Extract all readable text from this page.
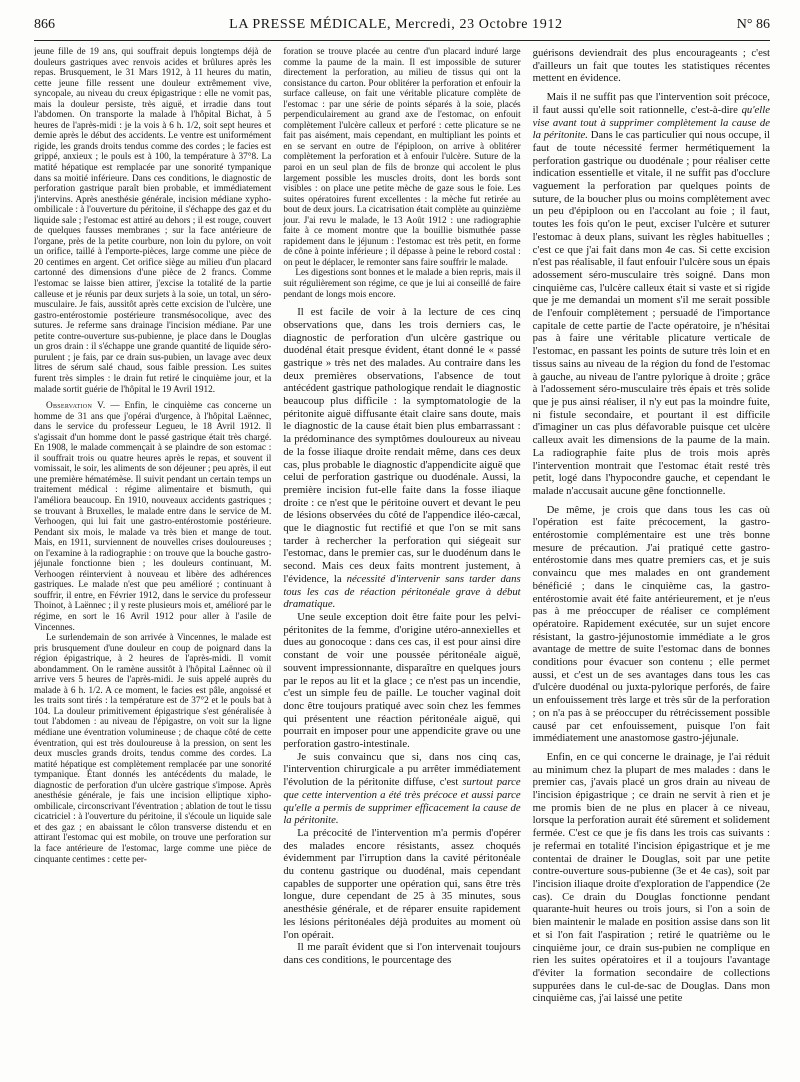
866	LA PRESSE MÉDICALE, Mercredi, 23 Octobre 1912	N° 86

jeune fille de 19 ans, qui souffrait depuis longtemps déjà de douleurs gastriques avec renvois acides et brûlures après les repas. Brusquement, le 31 Mars 1912, à 11 heures du matin, cette jeune fille ressent une douleur extrêmement vive, syncopale, au niveau du creux épigastrique : elle ne vomit pas, mais la douleur persiste, très aiguë, et irradie dans tout l'abdomen. On transporte la malade à l'hôpital Bichat, à 5 heures de l'après-midi : je la vois à 6 h. 1/2, soit sept heures et demie après le début des accidents. Le ventre est uniformément rigide, les grands droits tendus comme des cordes ; le facies est grippé, anxieux ; le pouls est à 100, la température à 37°8. La matité hépatique est remplacée par une sonorité tympanique dans sa moitié inférieure. Dans ces conditions, le diagnostic de perforation gastrique paraît bien probable, et immédiatement j'intervins. Après anesthésie générale, incision médiane xypho-ombilicale : à l'ouverture du péritoine, il s'échappe des gaz et du liquide sale ; l'estomac est attiré au dehors ; il est rouge, couvert de quelques fausses membranes ; sur la face antérieure de l'organe, près de la petite courbure, non loin du pylore, on voit un orifice, taillé à l'emporte-pièces, large comme une pièce de 20 centimes en argent. Cet orifice siège au milieu d'un placard cartonné des dimensions d'une pièce de 2 francs. Comme l'estomac se laisse bien attirer, j'excise la totalité de la partie calleuse et je réunis par deux surjets à la soie, un total, un séro-musculaire. Je fais, aussitôt après cette excision de l'ulcère, une gastro-entérostomie postérieure transmésocolique, avec des sutures. Je referme sans drainage l'incision médiane. Par une petite contre-ouverture sus-pubienne, je place dans le Douglas un gros drain : il s'échappe une grande quantité de liquide séro-purulent ; je fais, par ce drain sus-pubien, un lavage avec deux litres de sérum salé chaud, sous faible pression. Les suites furent très simples : le drain fut retiré le cinquième jour, et la malade sortit guérie de l'hôpital le 19 Avril 1912.

Observation V. — Enfin, le cinquième cas concerne un homme de 31 ans que j'opérai d'urgence, à l'hôpital Laënnec, dans le service du professeur Legueu, le 18 Avril 1912. Il s'agissait d'un homme dont le passé gastrique était très chargé. En 1908, le malade commençait à se plaindre de son estomac : il souffrait trois ou quatre heures après le repas, et souvent il vomissait, le soir, les aliments de son déjeuner ; peu après, il eut une première hématémèse. Il suivit pendant un certain temps un traitement médical : régime alimentaire et bismuth, qui l'améliora beaucoup. En 1910, nouveaux accidents gastriques ; se trouvant à Bruxelles, le malade entre dans le service de M. Verhoogen, qui lui fait une gastro-entérostomie postérieure. Pendant six mois, le malade va très bien et mange de tout. Mais, en 1911, surviennent de nouvelles crises douloureuses ; on l'examine à la radiographie : on trouve que la bouche gastro-jéjunale fonctionne bien ; les douleurs continuant, M. Verhoogen réintervient à nouveau et libère des adhérences gastriques. Le malade n'est que peu amélioré ; continuant à souffrir, il entre, en Février 1912, dans le service du professeur Thoinot, à Laënnec ; il y reste plusieurs mois et, amélioré par le régime, en sort le 16 Avril 1912 pour aller à l'asile de Vincennes.

Le surlendemain de son arrivée à Vincennes, le malade est pris brusquement d'une douleur en coup de poignard dans la région épigastrique, à 2 heures de l'après-midi. Il vomit abondamment. On le ramène aussitôt à l'hôpital Laënnec où il arrive vers 5 heures de l'après-midi. Je suis appelé auprès du malade à 6 h. 1/2. A ce moment, le facies est pâle, angoissé et les traits sont tirés : la température est de 37°2 et le pouls bat à 104. La douleur primitivement épigastrique s'est généralisée à tout l'abdomen : au niveau de l'épigastre, on voit sur la ligne médiane une éventration volumineuse ; de chaque côté de cette éventration, qui est très douloureuse à la pression, on sent les deux muscles grands droits, tendus comme des cordes. La matité hépatique est complètement remplacée par une sonorité tympanique. Étant donnés les antécédents du malade, le diagnostic de perforation d'un ulcère gastrique s'impose. Après anesthésie générale, je fais une incision elliptique xipho-ombilicale, circonscrivant l'éventration ; ablation de tout le tissu cicatriciel : à l'ouverture du péritoine, il s'écoule un liquide sale et des gaz ; en abaissant le côlon transverse distendu et en attirant l'estomac qui est mobile, on trouve une perforation sur la face antérieure de l'estomac, large comme une pièce de cinquante centimes : cette per-

foration se trouve placée au centre d'un placard induré large comme la paume de la main. Il est impossible de suturer directement la perforation, au milieu de tissus qui ont la consistance du carton. Pour oblitérer la perforation et enfouir la surface calleuse, on fait une véritable plicature complète de l'estomac : par une série de points séparés à la soie, placés perpendiculairement au grand axe de l'estomac, on enfouit complètement l'ulcère calleux et perforé : cette plicature se ne fait pas aisément, mais cependant, en multipliant les points et en se servant en outre de l'épiploon, on arrive à oblitérer complètement la perforation et à enfouir l'ulcère. Suture de la paroi en un seul plan de fils de bronze qui accolent le plus largement possible les muscles droits, dont les bords sont visibles : on place une petite mèche de gaze sous le foie. Les suites opératoires furent excellentes : la mèche fut retirée au bout de deux jours. La cicatrisation était complète au quinzième jour. J'ai revu le malade, le 13 Août 1912 : une radiographie faite à ce moment montre que la bouillie bismuthée passe rapidement dans le jéjunum : l'estomac est très petit, en forme de cône à pointe inférieure ; il dépasse à peine le rebord costal : on peut le déplacer, le remonter sans faire souffrir le malade.

Les digestions sont bonnes et le malade a bien repris, mais il suit régulièrement son régime, ce que je lui ai conseillé de faire pendant de longs mois encore.

Il est facile de voir à la lecture de ces cinq observations que, dans les trois derniers cas, le diagnostic de perforation d'un ulcère gastrique ou duodénal était presque évident, étant donné le « passé gastrique » très net des malades. Au contraire dans les deux premières observations, l'absence de tout antécédent gastrique pathologique rendait le diagnostic beaucoup plus difficile : la symptomatologie de la péritonite aiguë diffusante était claire sans doute, mais le diagnostic de la cause était bien plus embarrassant : la prédominance des symptômes douloureux au niveau de la fosse iliaque droite rendait même, dans ces deux cas, plus probable le diagnostic d'appendicite aiguë que celui de perforation gastrique ou duodénale. Aussi, la première incision fut-elle faite dans la fosse iliaque droite : ce n'est que le péritoine ouvert et devant le peu de lésions observées du côté de l'appendice iléo-cæcal, que le diagnostic fut rectifié et que l'on se mit sans tarder à rechercher la perforation qui siégeait sur l'estomac, dans le premier cas, sur le duodénum dans le second. Mais ces deux faits montrent justement, à l'évidence, la nécessité d'intervenir sans tarder dans tous les cas de réaction péritonéale grave à début dramatique.

Une seule exception doit être faite pour les pelvi-péritonites de la femme, d'origine utéro-annexielles et dues au gonocoque : dans ces cas, il est pour ainsi dire constant de voir une poussée péritonéale aiguë, souvent impressionnante, disparaître en quelques jours par le repos au lit et la glace ; ce n'est pas un incendie, c'est un simple feu de paille. Le toucher vaginal doit donc être toujours pratiqué avec soin chez les femmes qui présentent une réaction péritonéale aiguë, qui pourrait en imposer pour une appendicite grave ou une perforation gastro-intestinale.

Je suis convaincu que si, dans nos cinq cas, l'intervention chirurgicale a pu arrêter immédiatement l'évolution de la péritonite diffuse, c'est surtout parce que cette intervention a été très précoce et aussi parce qu'elle a permis de supprimer efficacement la cause de la péritonite.

La précocité de l'intervention m'a permis d'opérer des malades encore résistants, assez choqués évidemment par l'irruption dans la cavité péritonéale du contenu gastrique ou duodénal, mais cependant capables de supporter une opération qui, sans être très longue, dure cependant de 25 à 35 minutes, sous anesthésie générale, et de réparer ensuite rapidement les lésions péritonéales déjà produites au moment où l'on opérait.

Il me paraît évident que si l'on intervenait toujours dans ces conditions, le pourcentage des

guérisons deviendrait des plus encourageants ; c'est d'ailleurs un fait que toutes les statistiques récentes mettent en évidence.

Mais il ne suffit pas que l'intervention soit précoce, il faut aussi qu'elle soit rationnelle, c'est-à-dire qu'elle vise avant tout à supprimer complètement la cause de la péritonite. Dans le cas particulier qui nous occupe, il faut de toute nécessité fermer hermétiquement la perforation gastrique ou duodénale ; pour réaliser cette indication essentielle et vitale, il ne suffit pas d'occlure vaguement la perforation par quelques points de suture, de la boucher plus ou moins complètement avec un peu d'épiploon ou en l'accolant au foie ; il faut, toutes les fois qu'on le peut, exciser l'ulcère et suturer l'estomac à deux plans, suivant les règles habituelles ; c'est ce que j'ai fait dans mon 4e cas. Si cette excision n'est pas réalisable, il faut enfouir l'ulcère sous un épais adossement séro-musculaire très soigné. Dans mon cinquième cas, l'ulcère calleux était si vaste et si rigide que je me demandai un moment s'il me serait possible de l'enfouir complètement ; persuadé de l'importance capitale de cette partie de l'acte opératoire, je n'hésitai pas à faire une véritable plicature verticale de l'estomac, en passant les points de suture très loin et en tissus sains au niveau de la région du fond de l'estomac à gauche, au niveau de l'antre pylorique à droite ; grâce à l'adossement séro-musculaire très épais et très solide que je pus ainsi réaliser, il n'y eut pas la moindre fuite, ni fistule secondaire, et pourtant il est difficile d'imaginer un cas plus défavorable puisque cet ulcère calleux avait les dimensions de la paume de la main. La radiographie faite plus de trois mois après l'intervention montrait que l'estomac était resté très petit, logé dans l'hypocondre gauche, et cependant le malade n'accusait aucune gêne fonctionnelle.

De même, je crois que dans tous les cas où l'opération est faite précocement, la gastro-entérostomie complémentaire est une très bonne mesure de précaution. J'ai pratiqué cette gastro-entérostomie dans mes quatre premiers cas, et je suis convaincu que mes malades en ont grandement bénéficié ; dans le cinquième cas, la gastro-entérostomie avait été faite antérieurement, et je n'eus pas à me préoccuper de réaliser ce complément opératoire. Rapidement exécutée, sur un sujet encore résistant, la gastro-jéjunostomie immédiate a le gros avantage de mettre de suite l'estomac dans de bonnes conditions pour évacuer son contenu ; elle permet aussi, et c'est un de ses avantages dans tous les cas d'ulcère duodénal ou juxta-pylorique perforés, de faire un enfouissement très large et très sûr de la perforation ; on n'a pas à se préoccuper du rétrécissement possible causé par cet enfouissement, puisque l'on fait immédiatement une anastomose gastro-jéjunale.

Enfin, en ce qui concerne le drainage, je l'ai réduit au minimum chez la plupart de mes malades : dans le premier cas, j'avais placé un gros drain au niveau de l'incision épigastrique ; ce drain ne servit à rien et je me promis bien de ne plus en placer à ce niveau, lorsque la perforation aurait été sûrement et solidement fermée. C'est ce que je fis dans les trois cas suivants : je refermai en totalité l'incision épigastrique et je me contentai de drainer le Douglas, soit par une petite contre-ouverture sous-pubienne (3e et 4e cas), soit par l'incision iliaque droite d'exploration de l'appendice (2e cas). Ce drain du Douglas fonctionne pendant quarante-huit heures ou trois jours, si l'on a soin de bien maintenir le malade en position assise dans son lit et si l'on fait l'aspiration ; retiré le quatrième ou le cinquième jour, ce drain sus-pubien ne complique en rien les suites opératoires et il a toujours l'avantage d'éviter la formation secondaire de collections suppurées dans le cul-de-sac de Douglas. Dans mon cinquième cas, j'ai laissé une petite
